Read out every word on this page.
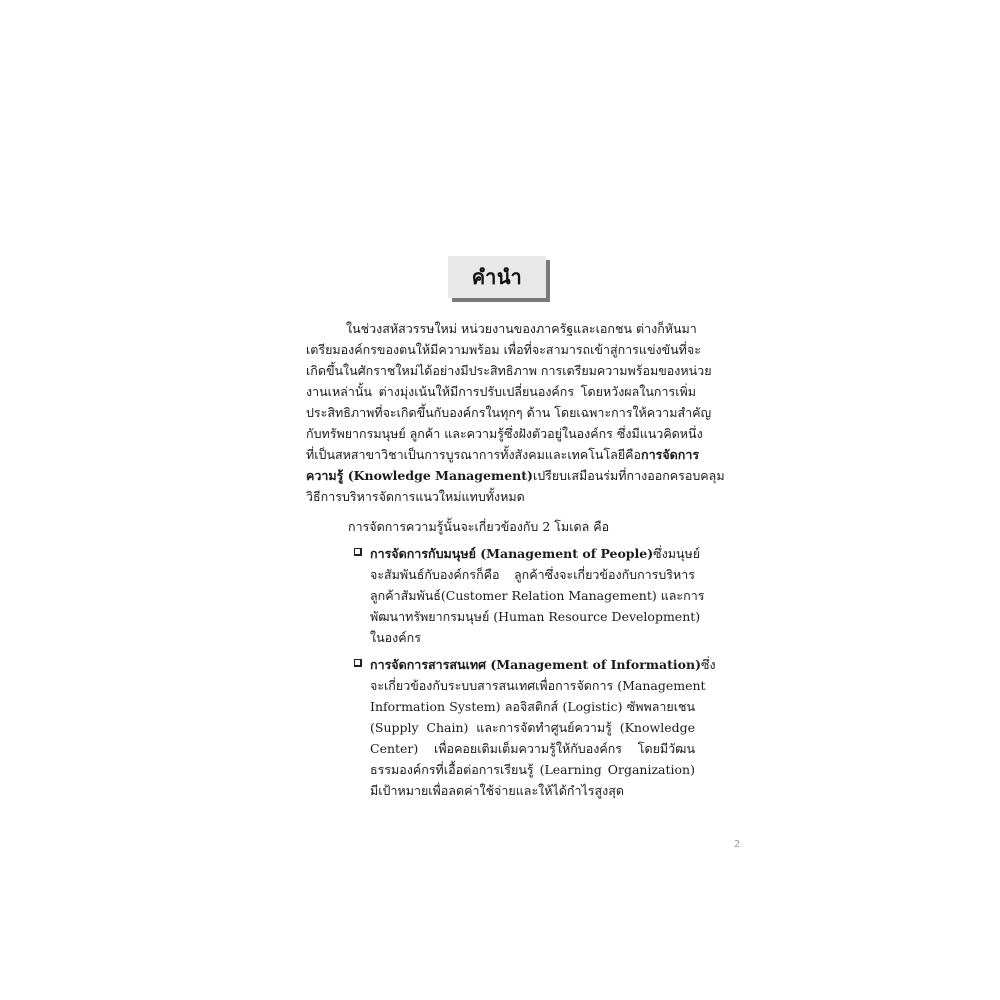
คำนำ
ในช่วงสหัสวรรษใหม่ หน่วยงานของภาครัฐและเอกชน ต่างก็หันมา
เตรียมองค์กรของตนให้มีความพร้อม เพื่อที่จะสามารถเข้าสู่การแข่งขันที่จะ
เกิดขึ้นในศักราชใหม่ได้อย่างมีประสิทธิภาพ การเตรียมความพร้อมของหน่วย
งานเหล่านั้น ต่างมุ่งเน้นให้มีการปรับเปลี่ยนองค์กร โดยหวังผลในการเพิ่ม
ประสิทธิภาพที่จะเกิดขึ้นกับองค์กรในทุกๆ ด้าน โดยเฉพาะการให้ความสำคัญ
กับทรัพยากรมนุษย์ ลูกค้า และความรู้ซึ่งฝังตัวอยู่ในองค์กร ซึ่งมีแนวคิดหนึ่ง
ที่เป็นสหสาขาวิชาเป็นการบูรณาการทั้งสังคมและเทคโนโลยีคือ การจัดการ
ความรู้ (Knowledge Management) เปรียบเสมือนร่มที่กางออกครอบคลุม
วิธีการบริหารจัดการแนวใหม่แทบทั้งหมด
การจัดการความรู้นั้นจะเกี่ยวข้องกับ 2 โมเดล คือ
การจัดการกับมนุษย์ (Management of People) ซึ่งมนุษย์
จะสัมพันธ์กับองค์กรก็คือ ลูกค้าซึ่งจะเกี่ยวข้องกับการบริหาร
ลูกค้าสัมพันธ์(Customer Relation Management) และการ
พัฒนาทรัพยากรมนุษย์ (Human Resource Development)
ในองค์กร
การจัดการสารสนเทศ (Management of Information) ซึ่ง
จะเกี่ยวข้องกับระบบสารสนเทศเพื่อการจัดการ (Management
Information System) ลอจิสติกส์ (Logistic) ซัพพลายเชน
(Supply Chain) และการจัดทำศูนย์ความรู้ (Knowledge
Center) เพื่อคอยเติมเต็มความรู้ให้กับองค์กร โดยมีวัฒน
ธรรมองค์กรที่เอื้อต่อการเรียนรู้ (Learning Organization)
มีเป้าหมายเพื่อลดค่าใช้จ่ายและให้ได้กำไรสูงสุด
2
